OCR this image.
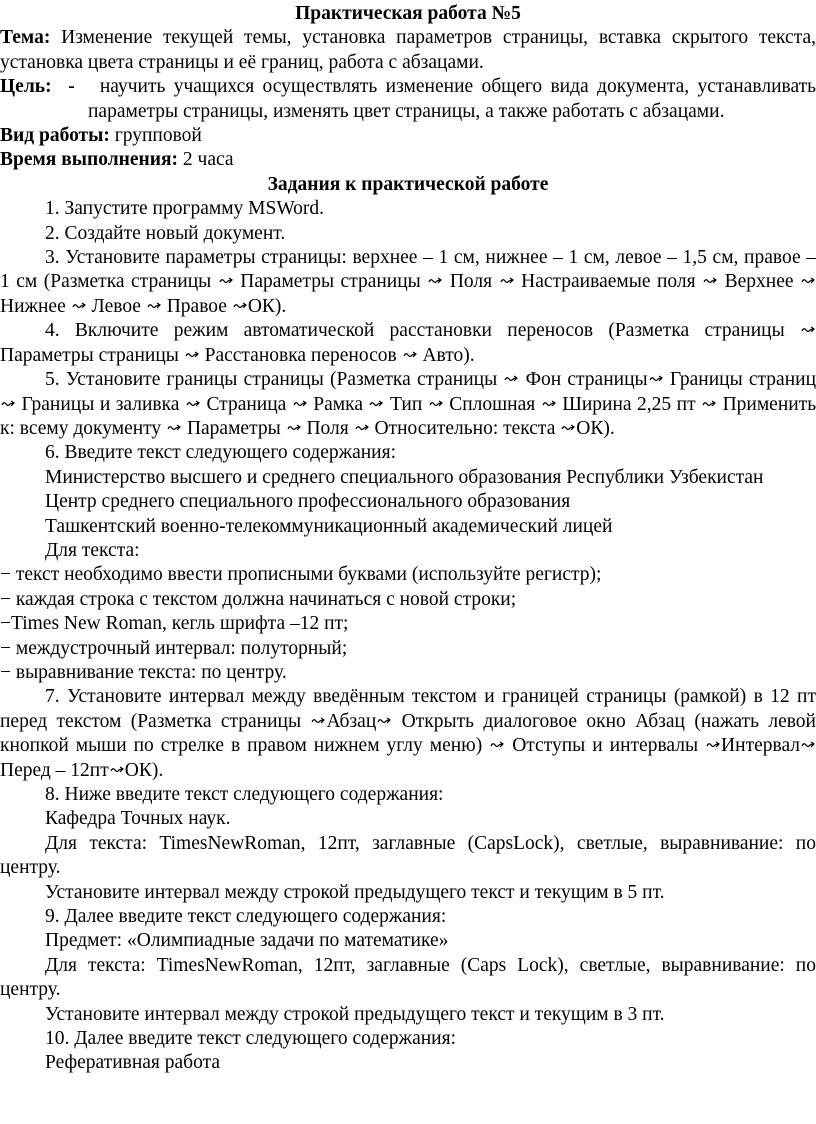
Практическая работа №5

Тема: Изменение текущей темы, установка параметров страницы, вставка скрытого текста, установка цвета страницы и её границ, работа с абзацами.

Цель: - научить учащихся осуществлять изменение общего вида документа, устанавливать параметры страницы, изменять цвет страницы, а также работать с абзацами.

Вид работы: групповой

Время выполнения: 2 часа

Задания к практической работе

1. Запустите программу MSWord.

2. Создайте новый документ.

3. Установите параметры страницы: верхнее – 1 см, нижнее – 1 см, левое – 1,5 см, правое – 1 см (Разметка страницы Параметры страницы Поля Настраиваемые поля Верхнее
Нижнее Левое Правое ОК).

4. Включите режим автоматической расстановки переносов (Разметка страницы
Параметры страницы Расстановка переносов Авто).

5. Установите границы страницы (Разметка страницы Фон страницы Границы страниц
Границы и заливка Страница Рамка Тип Сплошная Ширина 2,25 пт Применить к: всему документу Параметры Поля Относительно: текста ОК).

6. Введите текст следующего содержания:

Министерство высшего и среднего специального образования Республики Узбекистан

Центр среднего специального профессионального образования

Ташкентский военно-телекоммуникационный академический лицей

Для текста:

− текст необходимо ввести прописными буквами (используйте регистр);

− каждая строка с текстом должна начинаться с новой строки;

−Times New Roman, кегль шрифта –12 пт;

− междустрочный интервал: полуторный;

− выравнивание текста: по центру.

7. Установите интервал между введённым текстом и границей страницы (рамкой) в 12 пт перед текстом (Разметка страницы Абзац Открыть диалоговое окно Абзац (нажать левой кнопкой мыши по стрелке в правом нижнем углу меню) Отступы и интервалы Интервал
Перед – 12пт ОК).

8. Ниже введите текст следующего содержания:

Кафедра Точных наук.

Для текста: TimesNewRoman, 12пт, заглавные (CapsLock), светлые, выравнивание: по центру.

Установите интервал между строкой предыдущего текст и текущим в 5 пт.

9. Далее введите текст следующего содержания:

Предмет: «Олимпиадные задачи по математике»

Для текста: TimesNewRoman, 12пт, заглавные (Caps Lock), светлые, выравнивание: по центру.

Установите интервал между строкой предыдущего текст и текущим в 3 пт.

10. Далее введите текст следующего содержания:

Реферативная работа
